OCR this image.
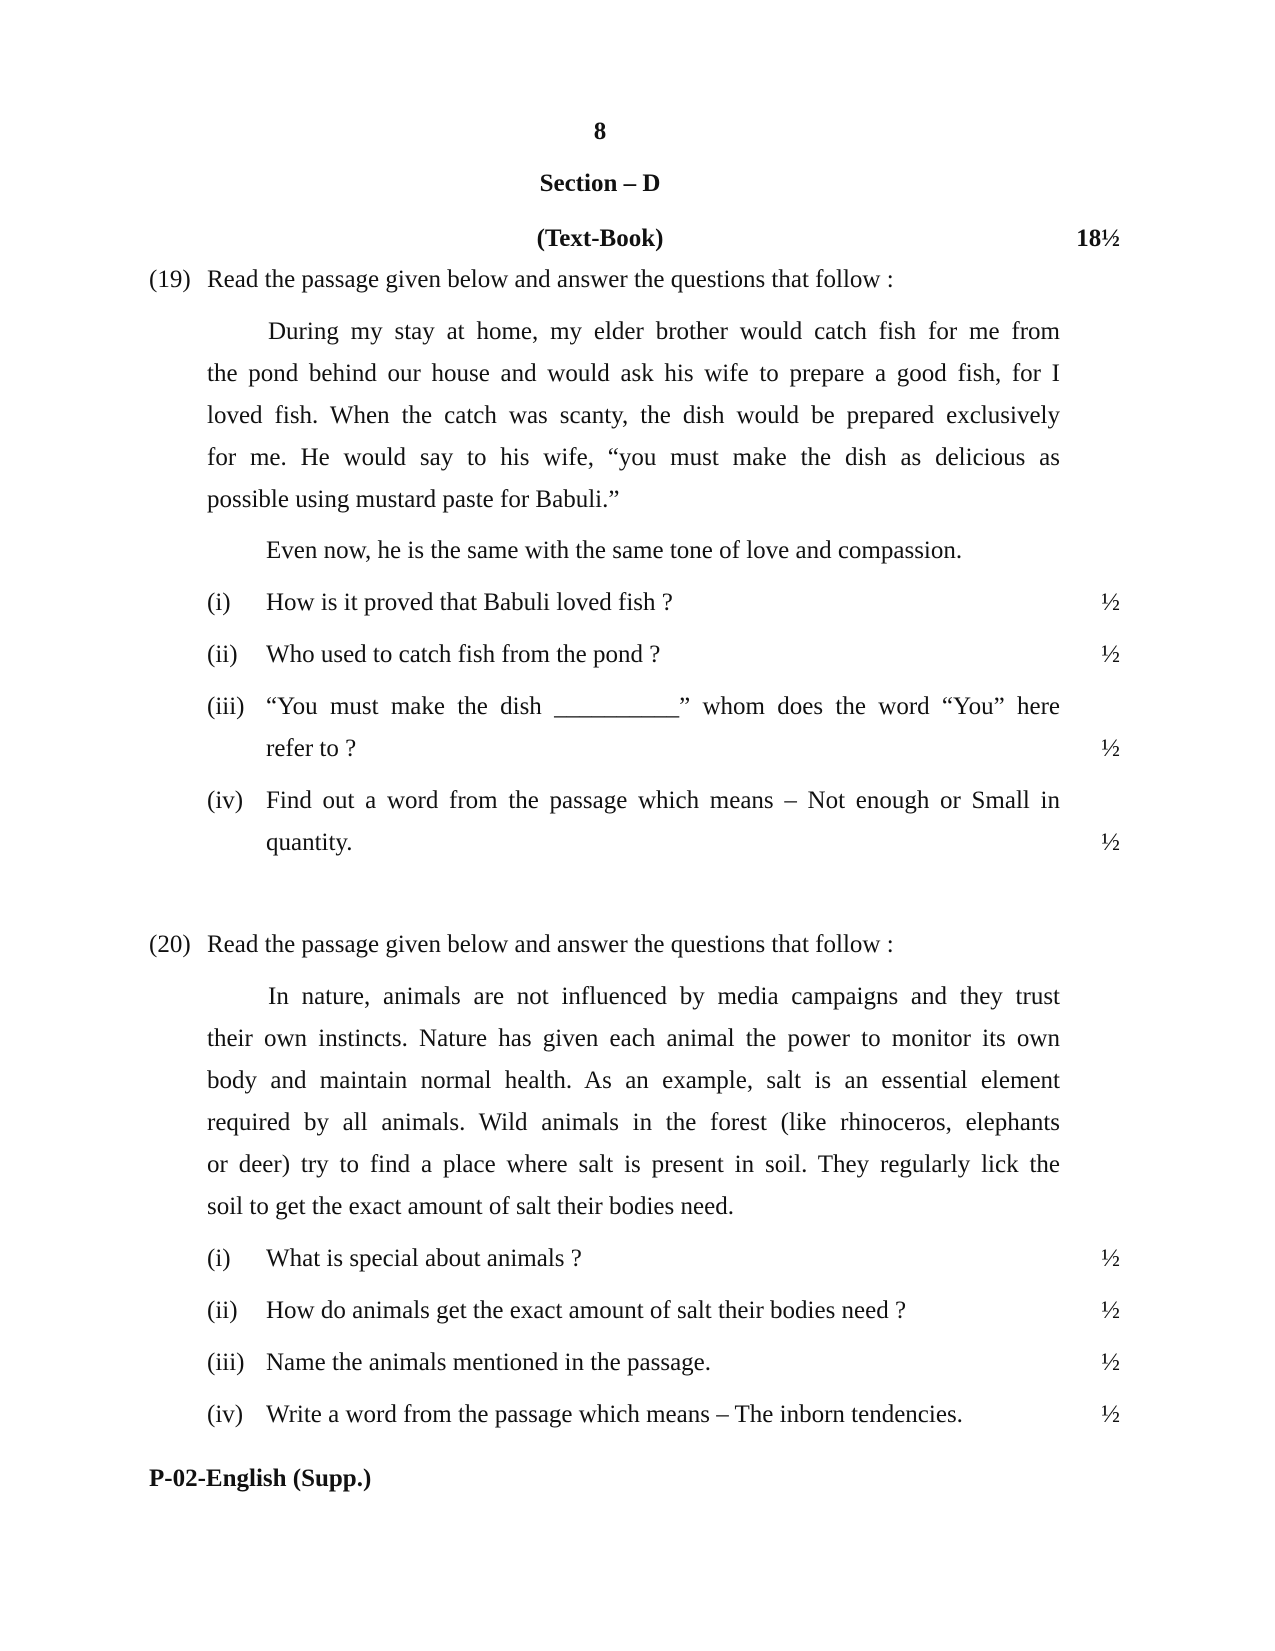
8
Section – D
(Text-Book)	18½
(19) Read the passage given below and answer the questions that follow :
During my stay at home, my elder brother would catch fish for me from
the pond behind our house and would ask his wife to prepare a good fish, for I
loved fish. When the catch was scanty, the dish would be prepared exclusively
for me. He would say to his wife, “you must make the dish as delicious as
possible using mustard paste for Babuli.”
Even now, he is the same with the same tone of love and compassion.
(i) How is it proved that Babuli loved fish ?	½
(ii) Who used to catch fish from the pond ?	½
(iii) “You must make the dish __________” whom does the word “You” here
refer to ?	½
(iv) Find out a word from the passage which means – Not enough or Small in
quantity.	½
(20) Read the passage given below and answer the questions that follow :
In nature, animals are not influenced by media campaigns and they trust
their own instincts. Nature has given each animal the power to monitor its own
body and maintain normal health. As an example, salt is an essential element
required by all animals. Wild animals in the forest (like rhinoceros, elephants
or deer) try to find a place where salt is present in soil. They regularly lick the
soil to get the exact amount of salt their bodies need.
(i) What is special about animals ?	½
(ii) How do animals get the exact amount of salt their bodies need ?	½
(iii) Name the animals mentioned in the passage.	½
(iv) Write a word from the passage which means – The inborn tendencies.	½
P-02-English (Supp.)
